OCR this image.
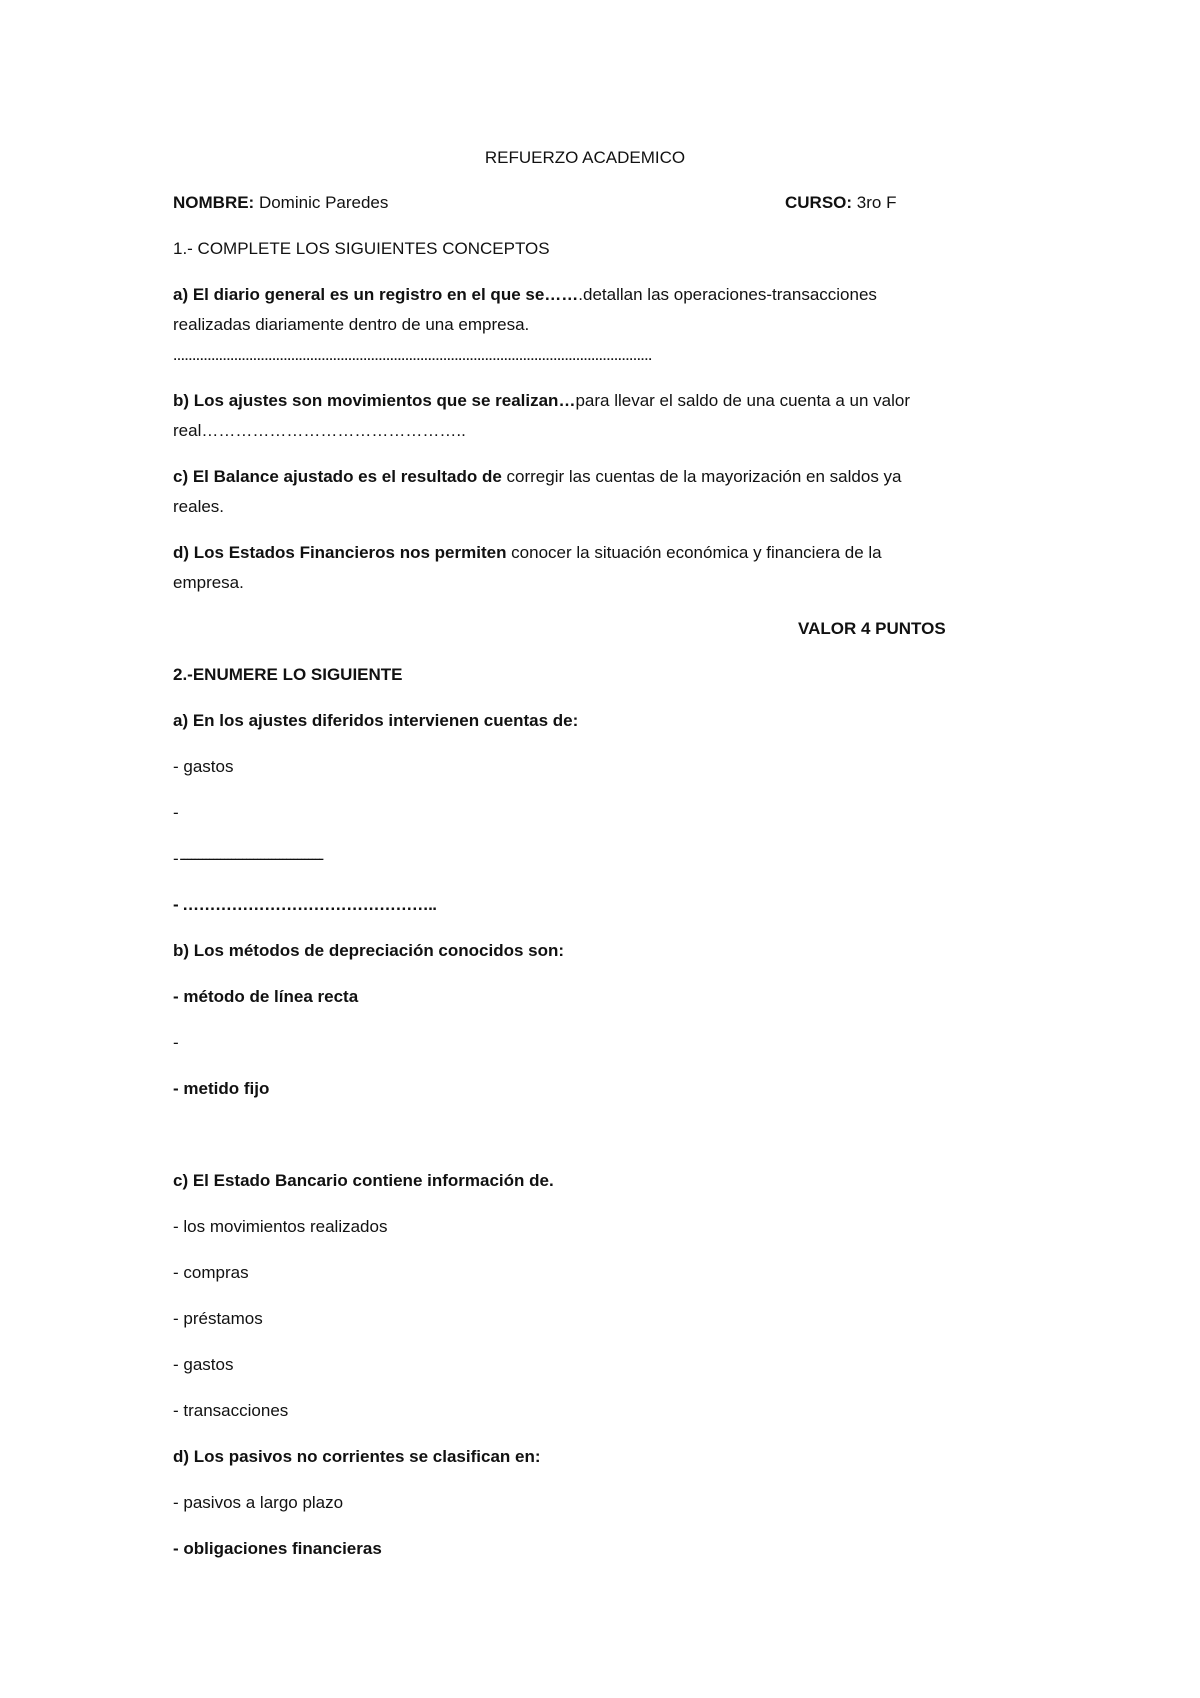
REFUERZO ACADEMICO
NOMBRE: Dominic Paredes	CURSO: 3ro F
1.- COMPLETE LOS SIGUIENTES CONCEPTOS
a) El diario general es un registro en el que se…….detallan las operaciones-transacciones
realizadas diariamente dentro de una empresa.
………………………………………………………………………………………………………………
b) Los ajustes son movimientos que se realizan…para llevar el saldo de una cuenta a un valor
real………………………………………..
c) El Balance ajustado es el resultado de corregir las cuentas de la mayorización en saldos ya
reales.
d) Los Estados Financieros nos permiten conocer la situación económica y financiera de la
empresa.
VALOR 4 PUNTOS
2.-ENUMERE LO SIGUIENTE
a) En los ajustes diferidos intervienen cuentas de:
- gastos
-
- ---------------------------------------
- ………………………………………..
b) Los métodos de depreciación conocidos son:
- método de línea recta
-
- metido fijo
c) El Estado Bancario contiene información de.
- los movimientos realizados
- compras
- préstamos
- gastos
- transacciones
d) Los pasivos no corrientes se clasifican en:
- pasivos a largo plazo
- obligaciones financieras
